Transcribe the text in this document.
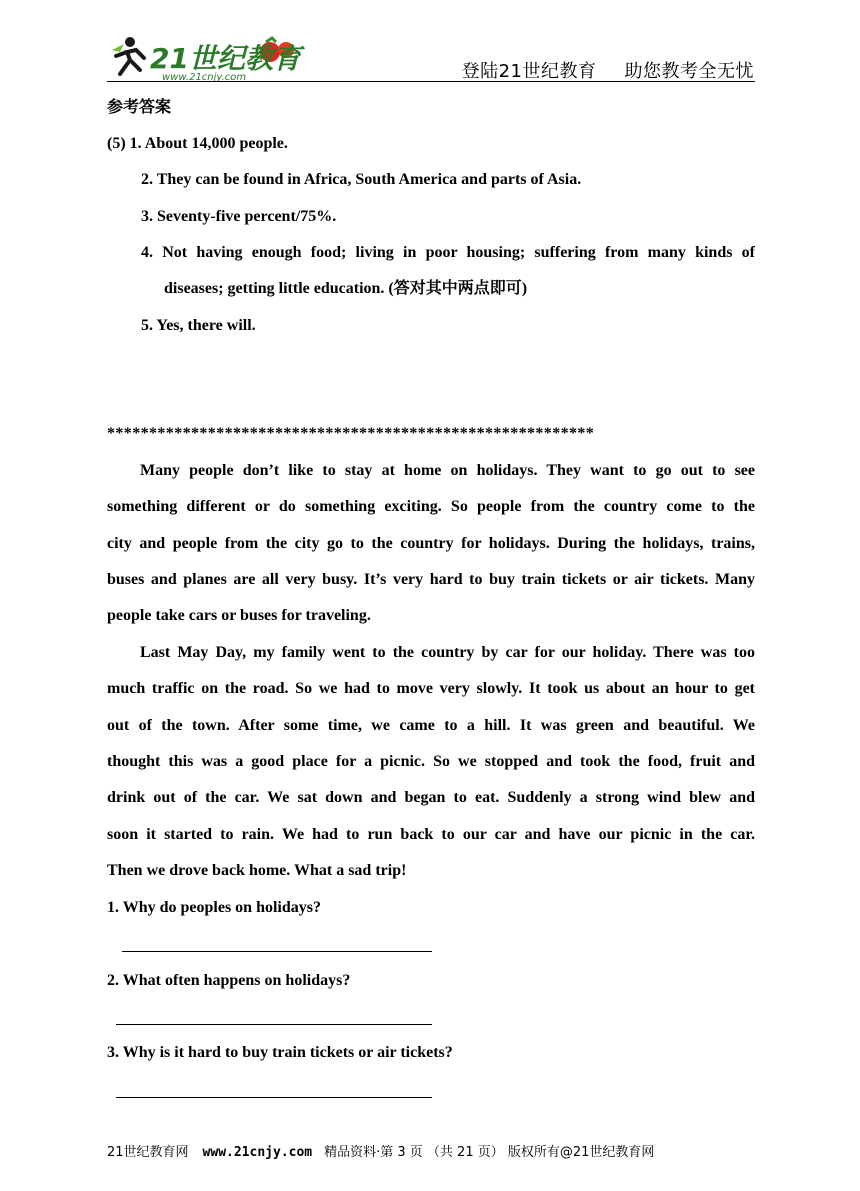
21世纪教育
www.21cnjy.com	登陆21世纪教育 助您教考全无忧
参考答案
(5) 1. About 14,000 people.
2. They can be found in Africa, South America and parts of Asia.
3. Seventy-five percent/75%.
4. Not having enough food; living in poor housing; suffering from many kinds of
diseases; getting little education. (答对其中两点即可)
5. Yes, there will.
**********************************************************
Many people don’t like to stay at home on holidays. They want to go out to see
something different or do something exciting. So people from the country come to the
city and people from the city go to the country for holidays. During the holidays, trains,
buses and planes are all very busy. It’s very hard to buy train tickets or air tickets. Many
people take cars or buses for traveling.
Last May Day, my family went to the country by car for our holiday. There was too
much traffic on the road. So we had to move very slowly. It took us about an hour to get
out of the town. After some time, we came to a hill. It was green and beautiful. We
thought this was a good place for a picnic. So we stopped and took the food, fruit and
drink out of the car. We sat down and began to eat. Suddenly a strong wind blew and
soon it started to rain. We had to run back to our car and have our picnic in the car.
Then we drove back home. What a sad trip!
1. Why do peoples on holidays?
2. What often happens on holidays?
3. Why is it hard to buy train tickets or air tickets?
21世纪教育网 www.21cnjy.com 精品资料·第 3 页 （共 21 页） 版权所有@21世纪教育网
